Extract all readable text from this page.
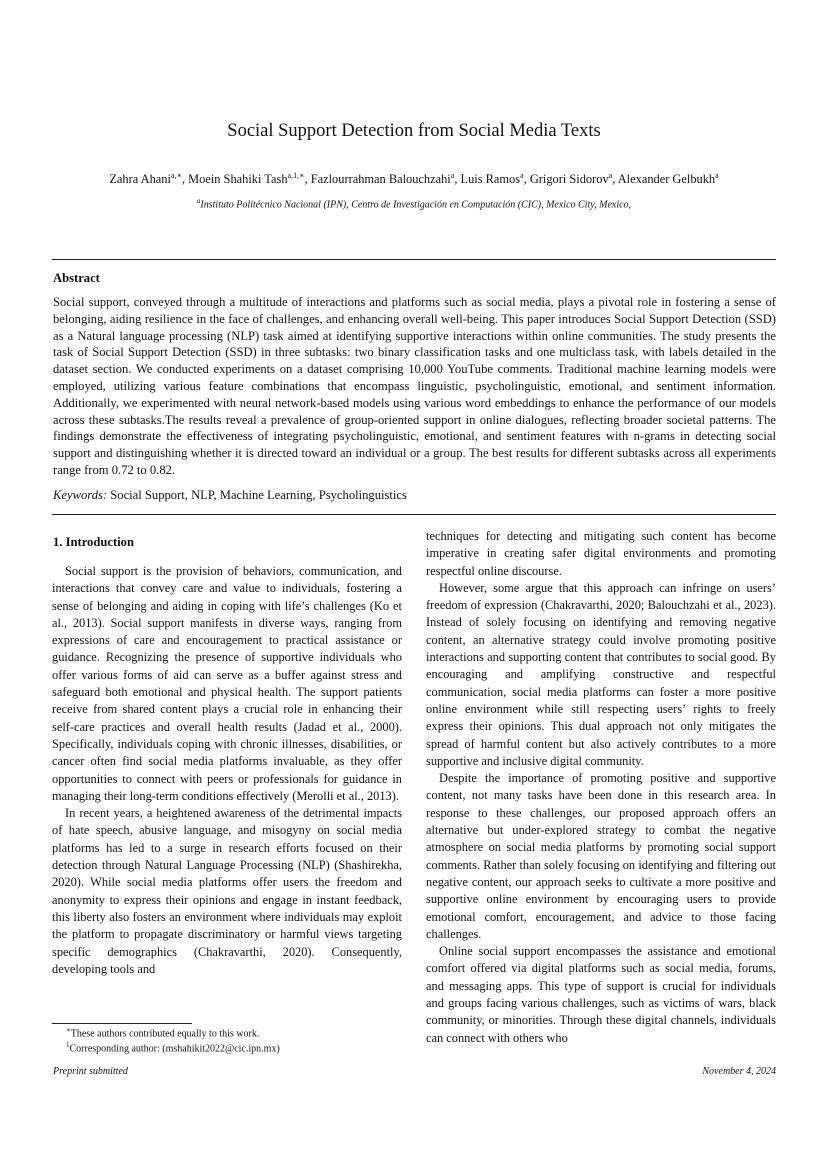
Social Support Detection from Social Media Texts
Zahra Ahani$^{a,∗}$, Moein Shahiki Tash$^{a,1,∗}$, Fazlourrahman Balouchzahi$^a$, Luis Ramos$^a$, Grigori Sidorov$^a$, Alexander Gelbukh$^a$
$^a$Instituto Politécnico Nacional (IPN), Centro de Investigación en Computación (CIC), Mexico City, Mexico,
Abstract
Social support, conveyed through a multitude of interactions and platforms such as social media, plays a pivotal role in fostering a sense of belonging, aiding resilience in the face of challenges, and enhancing overall well-being. This paper introduces Social Support Detection (SSD) as a Natural language processing (NLP) task aimed at identifying supportive interactions within online communities. The study presents the task of Social Support Detection (SSD) in three subtasks: two binary classification tasks and one multiclass task, with labels detailed in the dataset section. We conducted experiments on a dataset comprising 10,000 YouTube comments. Traditional machine learning models were employed, utilizing various feature combinations that encompass linguistic, psycholinguistic, emotional, and sentiment information. Additionally, we experimented with neural network-based models using various word embeddings to enhance the performance of our models across these subtasks.The results reveal a prevalence of group-oriented support in online dialogues, reflecting broader societal patterns. The findings demonstrate the effectiveness of integrating psycholinguistic, emotional, and sentiment features with n-grams in detecting social support and distinguishing whether it is directed toward an individual or a group. The best results for different subtasks across all experiments range from 0.72 to 0.82.
Keywords: Social Support, NLP, Machine Learning, Psycholinguistics
1. Introduction

Social support is the provision of behaviors, communication, and interactions that convey care and value to individuals, fostering a sense of belonging and aiding in coping with life’s challenges (Ko et al., 2013). Social support manifests in diverse ways, ranging from expressions of care and encouragement to practical assistance or guidance. Recognizing the presence of supportive individuals who offer various forms of aid can serve as a buffer against stress and safeguard both emotional and physical health. The support patients receive from shared content plays a crucial role in enhancing their self-care practices and overall health results (Jadad et al., 2000). Specifically, individuals coping with chronic illnesses, disabilities, or cancer often find social media platforms invaluable, as they offer opportunities to connect with peers or professionals for guidance in managing their long-term conditions effectively (Merolli et al., 2013).

In recent years, a heightened awareness of the detrimental impacts of hate speech, abusive language, and misogyny on social media platforms has led to a surge in research efforts focused on their detection through Natural Language Processing (NLP) (Shashirekha, 2020). While social media platforms offer users the freedom and anonymity to express their opinions and engage in instant feedback, this liberty also fosters an environment where individuals may exploit the platform to propagate discriminatory or harmful views targeting specific demographics (Chakravarthi, 2020). Consequently, developing tools and

techniques for detecting and mitigating such content has become imperative in creating safer digital environments and promoting respectful online discourse.

However, some argue that this approach can infringe on users’ freedom of expression (Chakravarthi, 2020; Balouchzahi et al., 2023). Instead of solely focusing on identifying and removing negative content, an alternative strategy could involve promoting positive interactions and supporting content that contributes to social good. By encouraging and amplifying constructive and respectful communication, social media platforms can foster a more positive online environment while still respecting users’ rights to freely express their opinions. This dual approach not only mitigates the spread of harmful content but also actively contributes to a more supportive and inclusive digital community.

Despite the importance of promoting positive and supportive content, not many tasks have been done in this research area. In response to these challenges, our proposed approach offers an alternative but under-explored strategy to combat the negative atmosphere on social media platforms by promoting social support comments. Rather than solely focusing on identifying and filtering out negative content, our approach seeks to cultivate a more positive and supportive online environment by encouraging users to provide emotional comfort, encouragement, and advice to those facing challenges.

Online social support encompasses the assistance and emotional comfort offered via digital platforms such as social media, forums, and messaging apps. This type of support is crucial for individuals and groups facing various challenges, such as victims of wars, black community, or minorities. Through these digital channels, individuals can connect with others who

∗These authors contributed equally to this work.
$^1$Corresponding author: (mshahikit2022@cic.ipn.mx)
Preprint submitted	November 4, 2024
